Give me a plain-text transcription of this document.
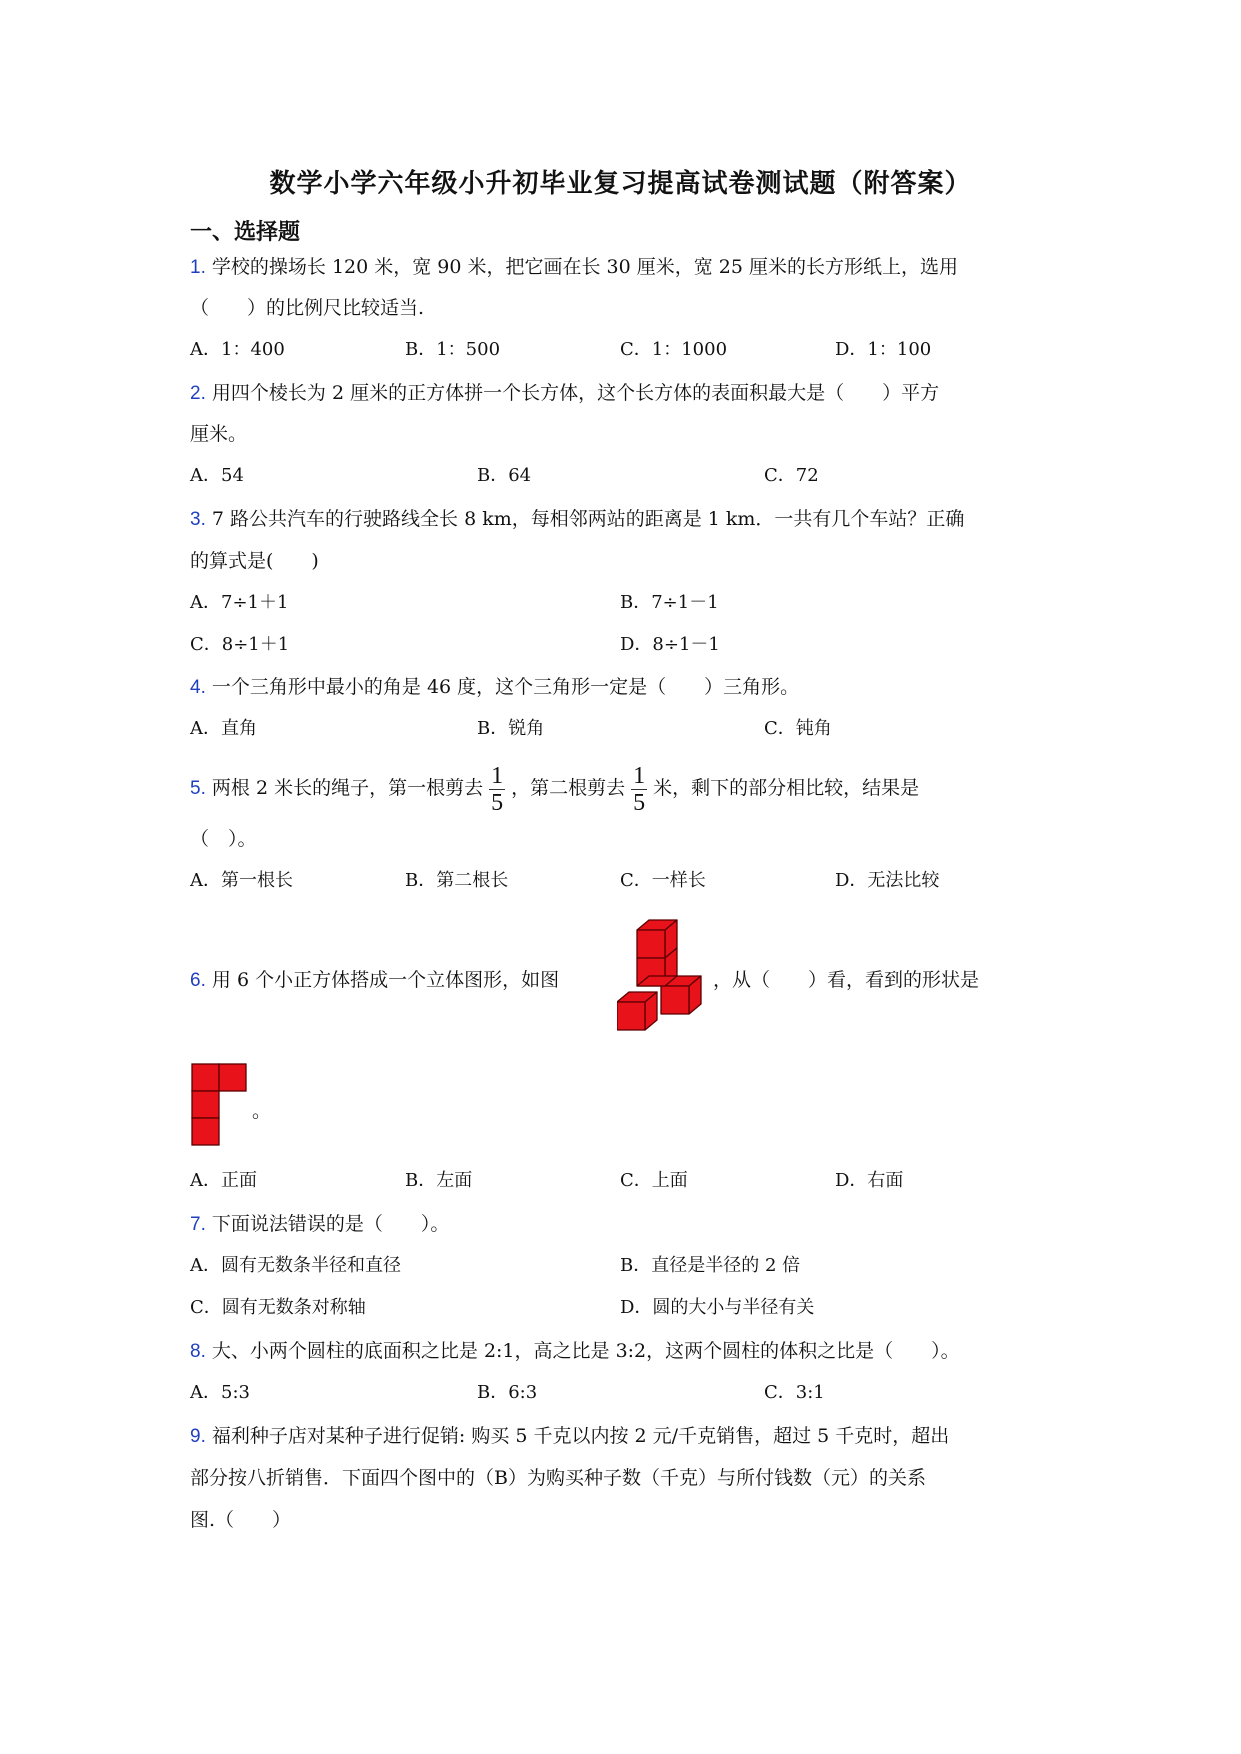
数学小学六年级小升初毕业复习提高试卷测试题（附答案）
一、选择题
1. 学校的操场长 120 米，宽 90 米，把它画在长 30 厘米，宽 25 厘米的长方形纸上，选用
（　　）的比例尺比较适当.
A．1：400	B．1：500	C．1：1000	D．1：100
2. 用四个棱长为 2 厘米的正方体拼一个长方体，这个长方体的表面积最大是（　　）平方
厘米。
A．54	B．64	C．72
3. 7 路公共汽车的行驶路线全长 8 km，每相邻两站的距离是 1 km．一共有几个车站？正确
的算式是(　　)
A．7÷1＋1	B．7÷1－1
C．8÷1＋1	D．8÷1－1
4. 一个三角形中最小的角是 46 度，这个三角形一定是（　　）三角形。
A．直角	B．锐角	C．钝角
5. 两根 2 米长的绳子，第一根剪去 $\frac{1}{5}$ ，第二根剪去 $\frac{1}{5}$ 米，剩下的部分相比较，结果是
（　）。
A．第一根长	B．第二根长	C．一样长	D．无法比较
6. 用 6 个小正方体搭成一个立体图形，如图	，从（　　）看，看到的形状是
。
A．正面	B．左面	C．上面	D．右面
7. 下面说法错误的是（　　）。
A．圆有无数条半径和直径	B．直径是半径的 2 倍
C．圆有无数条对称轴	D．圆的大小与半径有关
8. 大、小两个圆柱的底面积之比是 2:1，高之比是 3:2，这两个圆柱的体积之比是（　　）。
A．5:3	B．6:3	C．3:1
9. 福利种子店对某种子进行促销: 购买 5 千克以内按 2 元/千克销售，超过 5 千克时，超出
部分按八折销售．下面四个图中的（B）为购买种子数（千克）与所付钱数（元）的关系
图.（　　）
